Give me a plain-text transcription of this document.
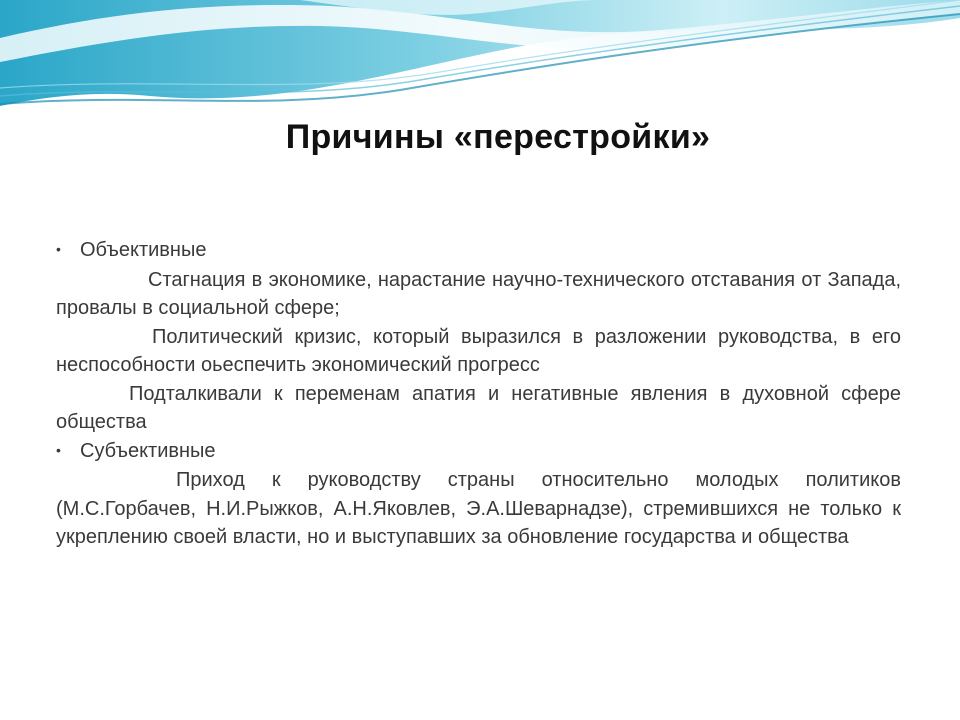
Причины «перестройки»
• Объективные

Стагнация в экономике, нарастание научно-технического отставания от Запада, провалы в социальной сфере;

Политический кризис, который выразился в разложении руководства, в его неспособности оьеспечить экономический прогресс

Подталкивали к переменам апатия и негативные явления в духовной сфере общества

• Субъективные

Приход к руководству страны относительно молодых политиков (М.С.Горбачев, Н.И.Рыжков, А.Н.Яковлев, Э.А.Шеварнадзе), стремившихся не только к укреплению своей власти, но и выступавших за обновление государства и общества
